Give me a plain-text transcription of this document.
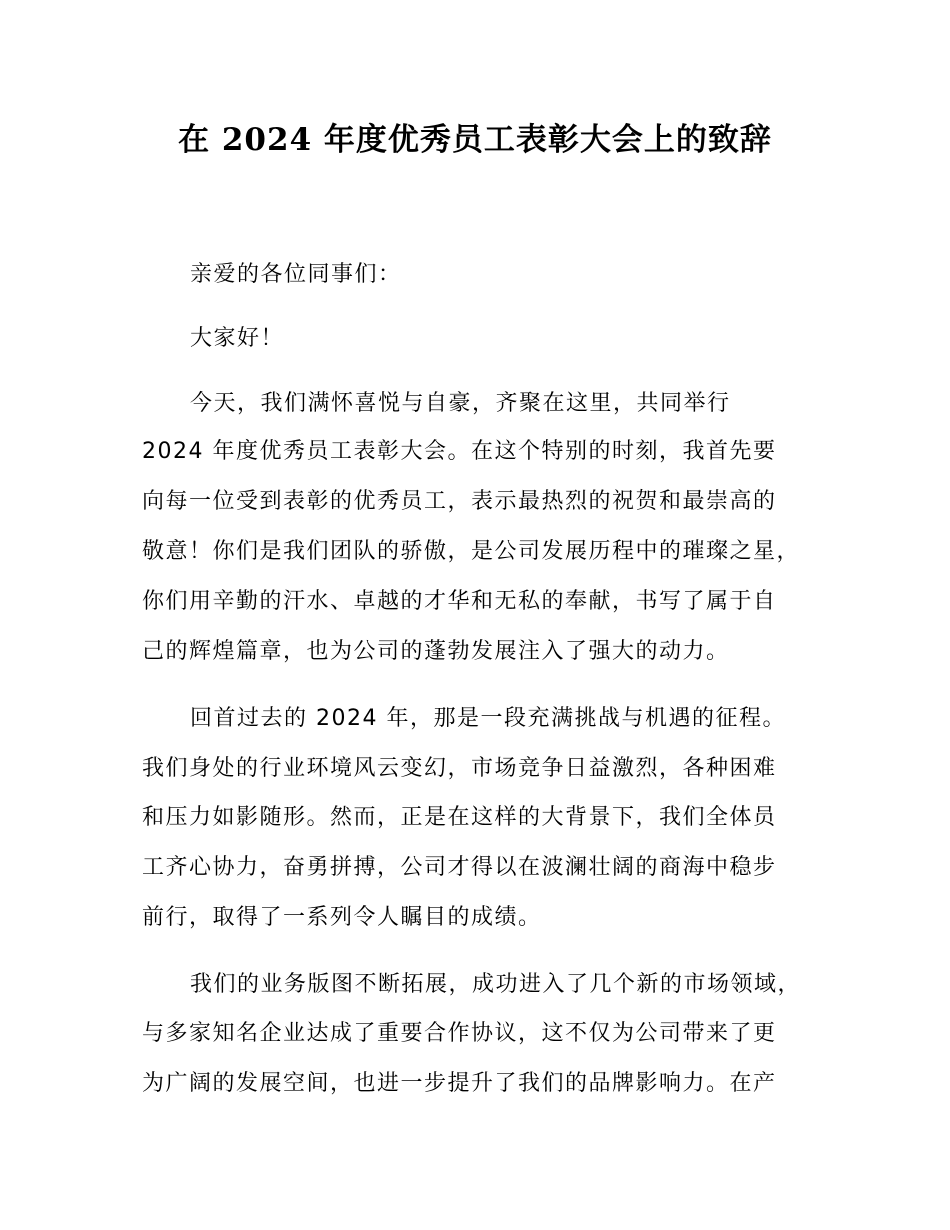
在 2024 年度优秀员工表彰大会上的致辞
亲爱的各位同事们：
大家好！
今天，我们满怀喜悦与自豪，齐聚在这里，共同举行
2024 年度优秀员工表彰大会。在这个特别的时刻，我首先要
向每一位受到表彰的优秀员工，表示最热烈的祝贺和最崇高的
敬意！你们是我们团队的骄傲，是公司发展历程中的璀璨之星，
你们用辛勤的汗水、卓越的才华和无私的奉献，书写了属于自
己的辉煌篇章，也为公司的蓬勃发展注入了强大的动力。
回首过去的 2024 年，那是一段充满挑战与机遇的征程。
我们身处的行业环境风云变幻，市场竞争日益激烈，各种困难
和压力如影随形。然而，正是在这样的大背景下，我们全体员
工齐心协力，奋勇拼搏，公司才得以在波澜壮阔的商海中稳步
前行，取得了一系列令人瞩目的成绩。
我们的业务版图不断拓展，成功进入了几个新的市场领域，
与多家知名企业达成了重要合作协议，这不仅为公司带来了更
为广阔的发展空间，也进一步提升了我们的品牌影响力。在产
